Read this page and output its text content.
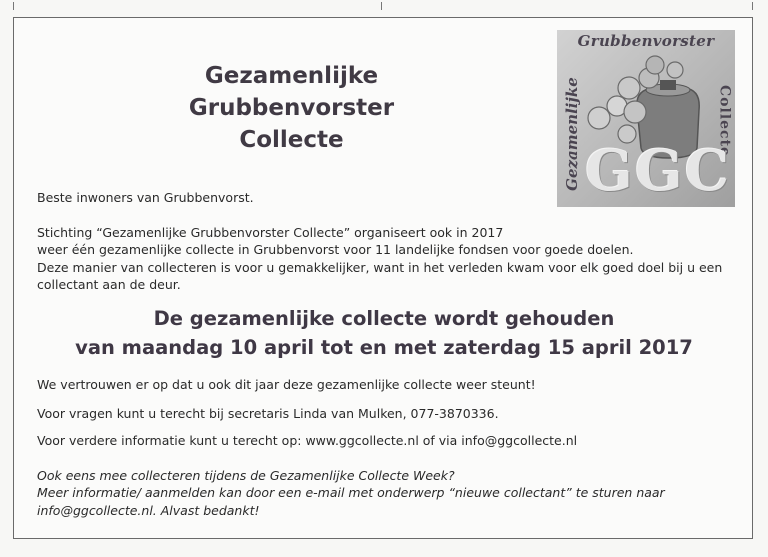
Gezamenlijke
Grubbenvorster
Collecte
Grubbenvorster
Gezamenlijke	Collecte
GGC

Beste inwoners van Grubbenvorst.

Stichting “Gezamenlijke Grubbenvorster Collecte” organiseert ook in 2017

weer één gezamenlijke collecte in Grubbenvorst voor 11 landelijke fondsen voor goede doelen.

Deze manier van collecteren is voor u gemakkelijker, want in het verleden kwam voor elk goed doel bij u een

collectant aan de deur.

De gezamenlijke collecte wordt gehouden

van maandag 10 april tot en met zaterdag 15 april 2017

We vertrouwen er op dat u ook dit jaar deze gezamenlijke collecte weer steunt!

Voor vragen kunt u terecht bij secretaris Linda van Mulken, 077-3870336.

Voor verdere informatie kunt u terecht op: www.ggcollecte.nl of via info@ggcollecte.nl

Ook eens mee collecteren tijdens de Gezamenlijke Collecte Week?

Meer informatie/ aanmelden kan door een e-mail met onderwerp “nieuwe collectant” te sturen naar

info@ggcollecte.nl. Alvast bedankt!
